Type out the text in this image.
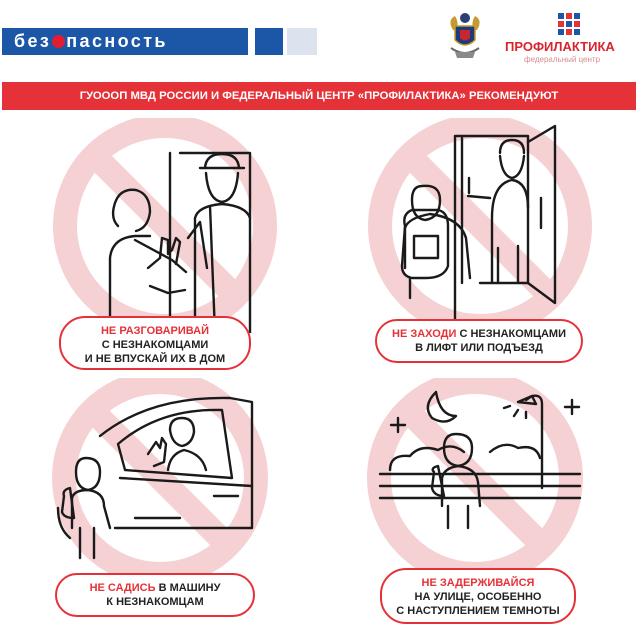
без пасность	ПРОФИЛАКТИКА
федеральный центр
ГУОООП МВД РОССИИ И ФЕДЕРАЛЬНЫЙ ЦЕНТР «ПРОФИЛАКТИКА» РЕКОМЕНДУЮТ
НЕ РАЗГОВАРИВАЙ
С НЕЗНАКОМЦАМИ
И НЕ ВПУСКАЙ ИХ В ДОМ
НЕ ЗАХОДИ С НЕЗНАКОМЦАМИ
В ЛИФТ ИЛИ ПОДЪЕЗД
НЕ САДИСЬ В МАШИНУ
К НЕЗНАКОМЦАМ
НЕ ЗАДЕРЖИВАЙСЯ
НА УЛИЦЕ, ОСОБЕННО
С НАСТУПЛЕНИЕМ ТЕМНОТЫ
